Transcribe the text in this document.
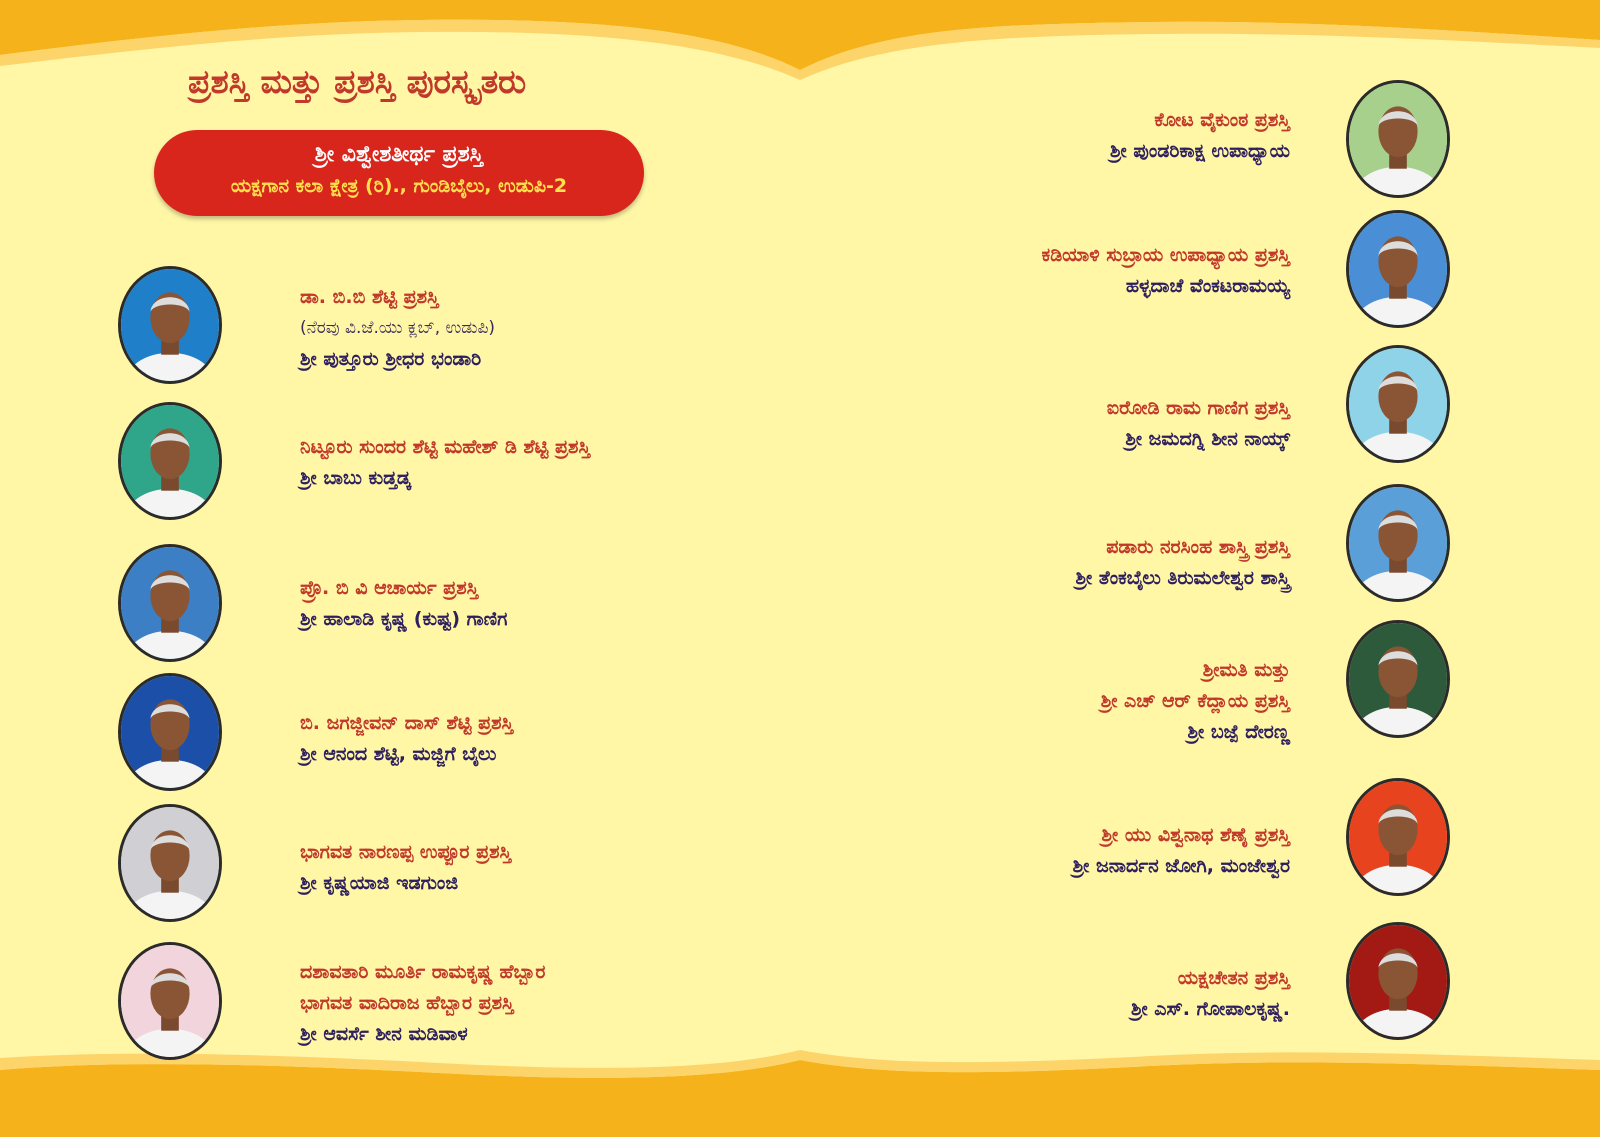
ಪ್ರಶಸ್ತಿ ಮತ್ತು ಪ್ರಶಸ್ತಿ ಪುರಸ್ಕೃತರು
ಶ್ರೀ ವಿಶ್ವೇಶತೀರ್ಥ ಪ್ರಶಸ್ತಿ
ಯಕ್ಷಗಾನ ಕಲಾ ಕ್ಷೇತ್ರ (ರಿ)., ಗುಂಡಿಬೈಲು, ಉಡುಪಿ-2
ಡಾ. ಬಿ.ಬಿ ಶೆಟ್ಟಿ ಪ್ರಶಸ್ತಿ
(ನೆರವು ವಿ.ಜೆ.ಯು ಕ್ಲಬ್, ಉಡುಪಿ)
ಶ್ರೀ ಪುತ್ತೂರು ಶ್ರೀಧರ ಭಂಡಾರಿ
ನಿಟ್ಟೂರು ಸುಂದರ ಶೆಟ್ಟಿ ಮಹೇಶ್ ಡಿ ಶೆಟ್ಟಿ ಪ್ರಶಸ್ತಿ
ಶ್ರೀ ಬಾಬು ಕುಡ್ತಡ್ಕ
ಪ್ರೊ. ಬಿ ವಿ ಆಚಾರ್ಯ ಪ್ರಶಸ್ತಿ
ಶ್ರೀ ಹಾಲಾಡಿ ಕೃಷ್ಣ (ಕುಷ್ಟ) ಗಾಣಿಗ
ಬಿ. ಜಗಜ್ಜೀವನ್ ದಾಸ್ ಶೆಟ್ಟಿ ಪ್ರಶಸ್ತಿ
ಶ್ರೀ ಆನಂದ ಶೆಟ್ಟಿ, ಮಜ್ಜಿಗೆ ಬೈಲು
ಭಾಗವತ ನಾರಣಪ್ಪ ಉಪ್ಪೂರ ಪ್ರಶಸ್ತಿ
ಶ್ರೀ ಕೃಷ್ಣಯಾಜಿ ಇಡಗುಂಜಿ
ದಶಾವತಾರಿ ಮೂರ್ತಿ ರಾಮಕೃಷ್ಣ ಹೆಬ್ಬಾರ
ಭಾಗವತ ವಾದಿರಾಜ ಹೆಬ್ಬಾರ ಪ್ರಶಸ್ತಿ
ಶ್ರೀ ಆವರ್ಸೆ ಶೀನ ಮಡಿವಾಳ
ಕೋಟ ವೈಕುಂಠ ಪ್ರಶಸ್ತಿ
ಶ್ರೀ ಪುಂಡರಿಕಾಕ್ಷ ಉಪಾಧ್ಯಾಯ
ಕಡಿಯಾಳಿ ಸುಬ್ರಾಯ ಉಪಾಧ್ಯಾಯ ಪ್ರಶಸ್ತಿ
ಹಳ್ಳದಾಚೆ ವೆಂಕಟರಾಮಯ್ಯ
ಐರೋಡಿ ರಾಮ ಗಾಣಿಗ ಪ್ರಶಸ್ತಿ
ಶ್ರೀ ಜಮದಗ್ನಿ ಶೀನ ನಾಯ್ಕ್
ಪಡಾರು ನರಸಿಂಹ ಶಾಸ್ತ್ರಿ ಪ್ರಶಸ್ತಿ
ಶ್ರೀ ತೆಂಕಬೈಲು ತಿರುಮಲೇಶ್ವರ ಶಾಸ್ತ್ರಿ
ಶ್ರೀಮತಿ ಮತ್ತು
ಶ್ರೀ ಎಚ್ ಆರ್ ಕೆದ್ಲಾಯ ಪ್ರಶಸ್ತಿ
ಶ್ರೀ ಬಜ್ಪೆ ದೇರಣ್ಣ
ಶ್ರೀ ಯು ವಿಶ್ವನಾಥ ಶೆಣೈ ಪ್ರಶಸ್ತಿ
ಶ್ರೀ ಜನಾರ್ದನ ಜೋಗಿ, ಮಂಜೇಶ್ವರ
ಯಕ್ಷಚೇತನ ಪ್ರಶಸ್ತಿ
ಶ್ರೀ ಎಸ್. ಗೋಪಾಲಕೃಷ್ಣ.
